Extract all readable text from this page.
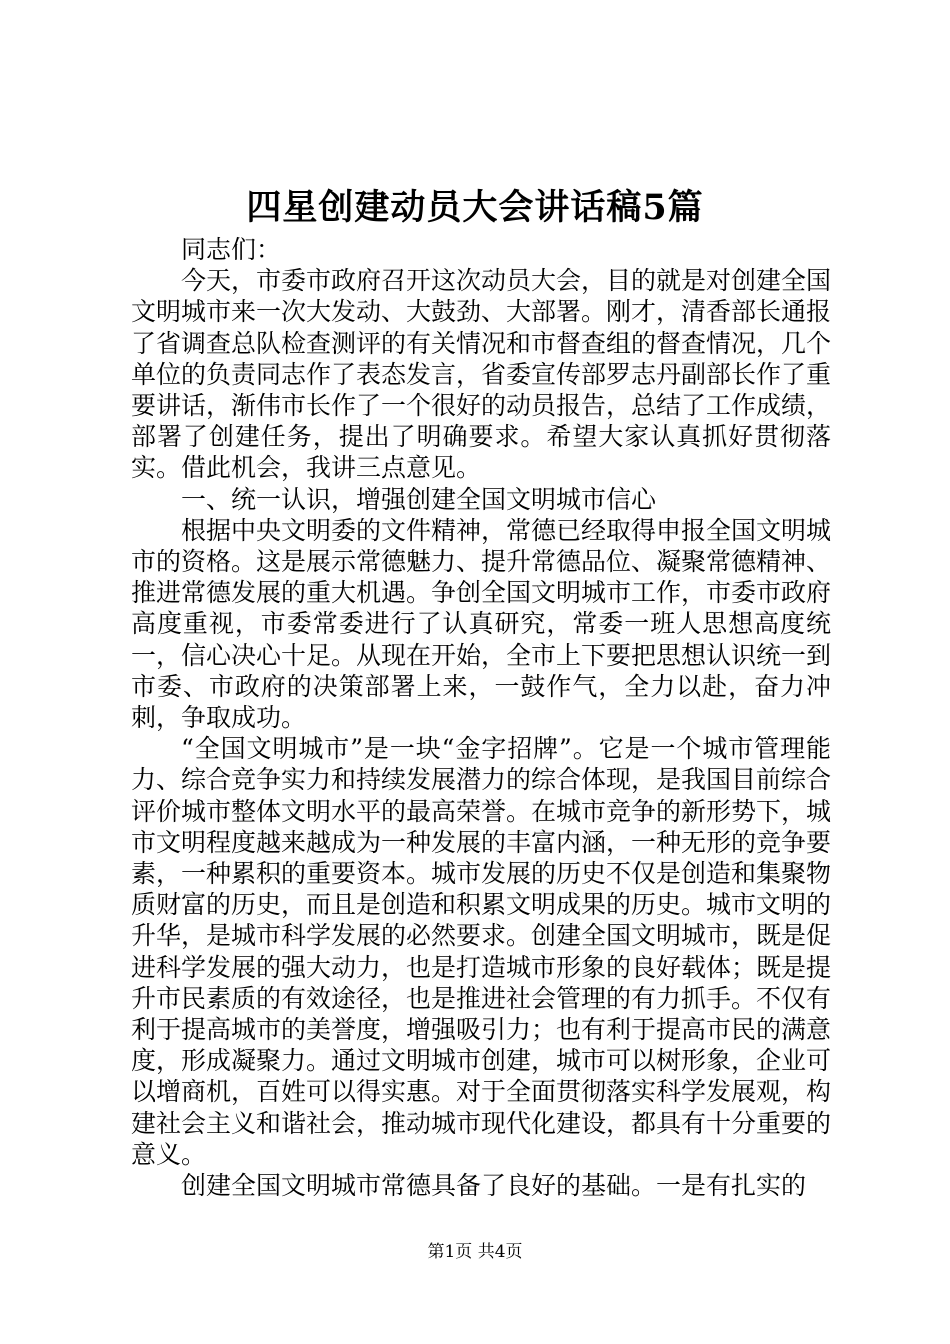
四星创建动员大会讲话稿5篇

同志们：

今天，市委市政府召开这次动员大会，目的就是对创建全国文明城市来一次大发动、大鼓劲、大部署。刚才，清香部长通报了省调查总队检查测评的有关情况和市督查组的督查情况，几个单位的负责同志作了表态发言，省委宣传部罗志丹副部长作了重要讲话，渐伟市长作了一个很好的动员报告，总结了工作成绩，部署了创建任务，提出了明确要求。希望大家认真抓好贯彻落实。借此机会，我讲三点意见。

一、统一认识，增强创建全国文明城市信心

根据中央文明委的文件精神，常德已经取得申报全国文明城市的资格。这是展示常德魅力、提升常德品位、凝聚常德精神、推进常德发展的重大机遇。争创全国文明城市工作，市委市政府高度重视，市委常委进行了认真研究，常委一班人思想高度统一，信心决心十足。从现在开始，全市上下要把思想认识统一到市委、市政府的决策部署上来，一鼓作气，全力以赴，奋力冲刺，争取成功。

“全国文明城市”是一块“金字招牌”。它是一个城市管理能力、综合竞争实力和持续发展潜力的综合体现，是我国目前综合评价城市整体文明水平的最高荣誉。在城市竞争的新形势下，城市文明程度越来越成为一种发展的丰富内涵，一种无形的竞争要素，一种累积的重要资本。城市发展的历史不仅是创造和集聚物质财富的历史，而且是创造和积累文明成果的历史。城市文明的升华，是城市科学发展的必然要求。创建全国文明城市，既是促进科学发展的强大动力，也是打造城市形象的良好载体；既是提升市民素质的有效途径，也是推进社会管理的有力抓手。不仅有利于提高城市的美誉度，增强吸引力；也有利于提高市民的满意度，形成凝聚力。通过文明城市创建，城市可以树形象，企业可以增商机，百姓可以得实惠。对于全面贯彻落实科学发展观，构建社会主义和谐社会，推动城市现代化建设，都具有十分重要的意义。

创建全国文明城市常德具备了良好的基础。一是有扎实的

第1页 共4页
